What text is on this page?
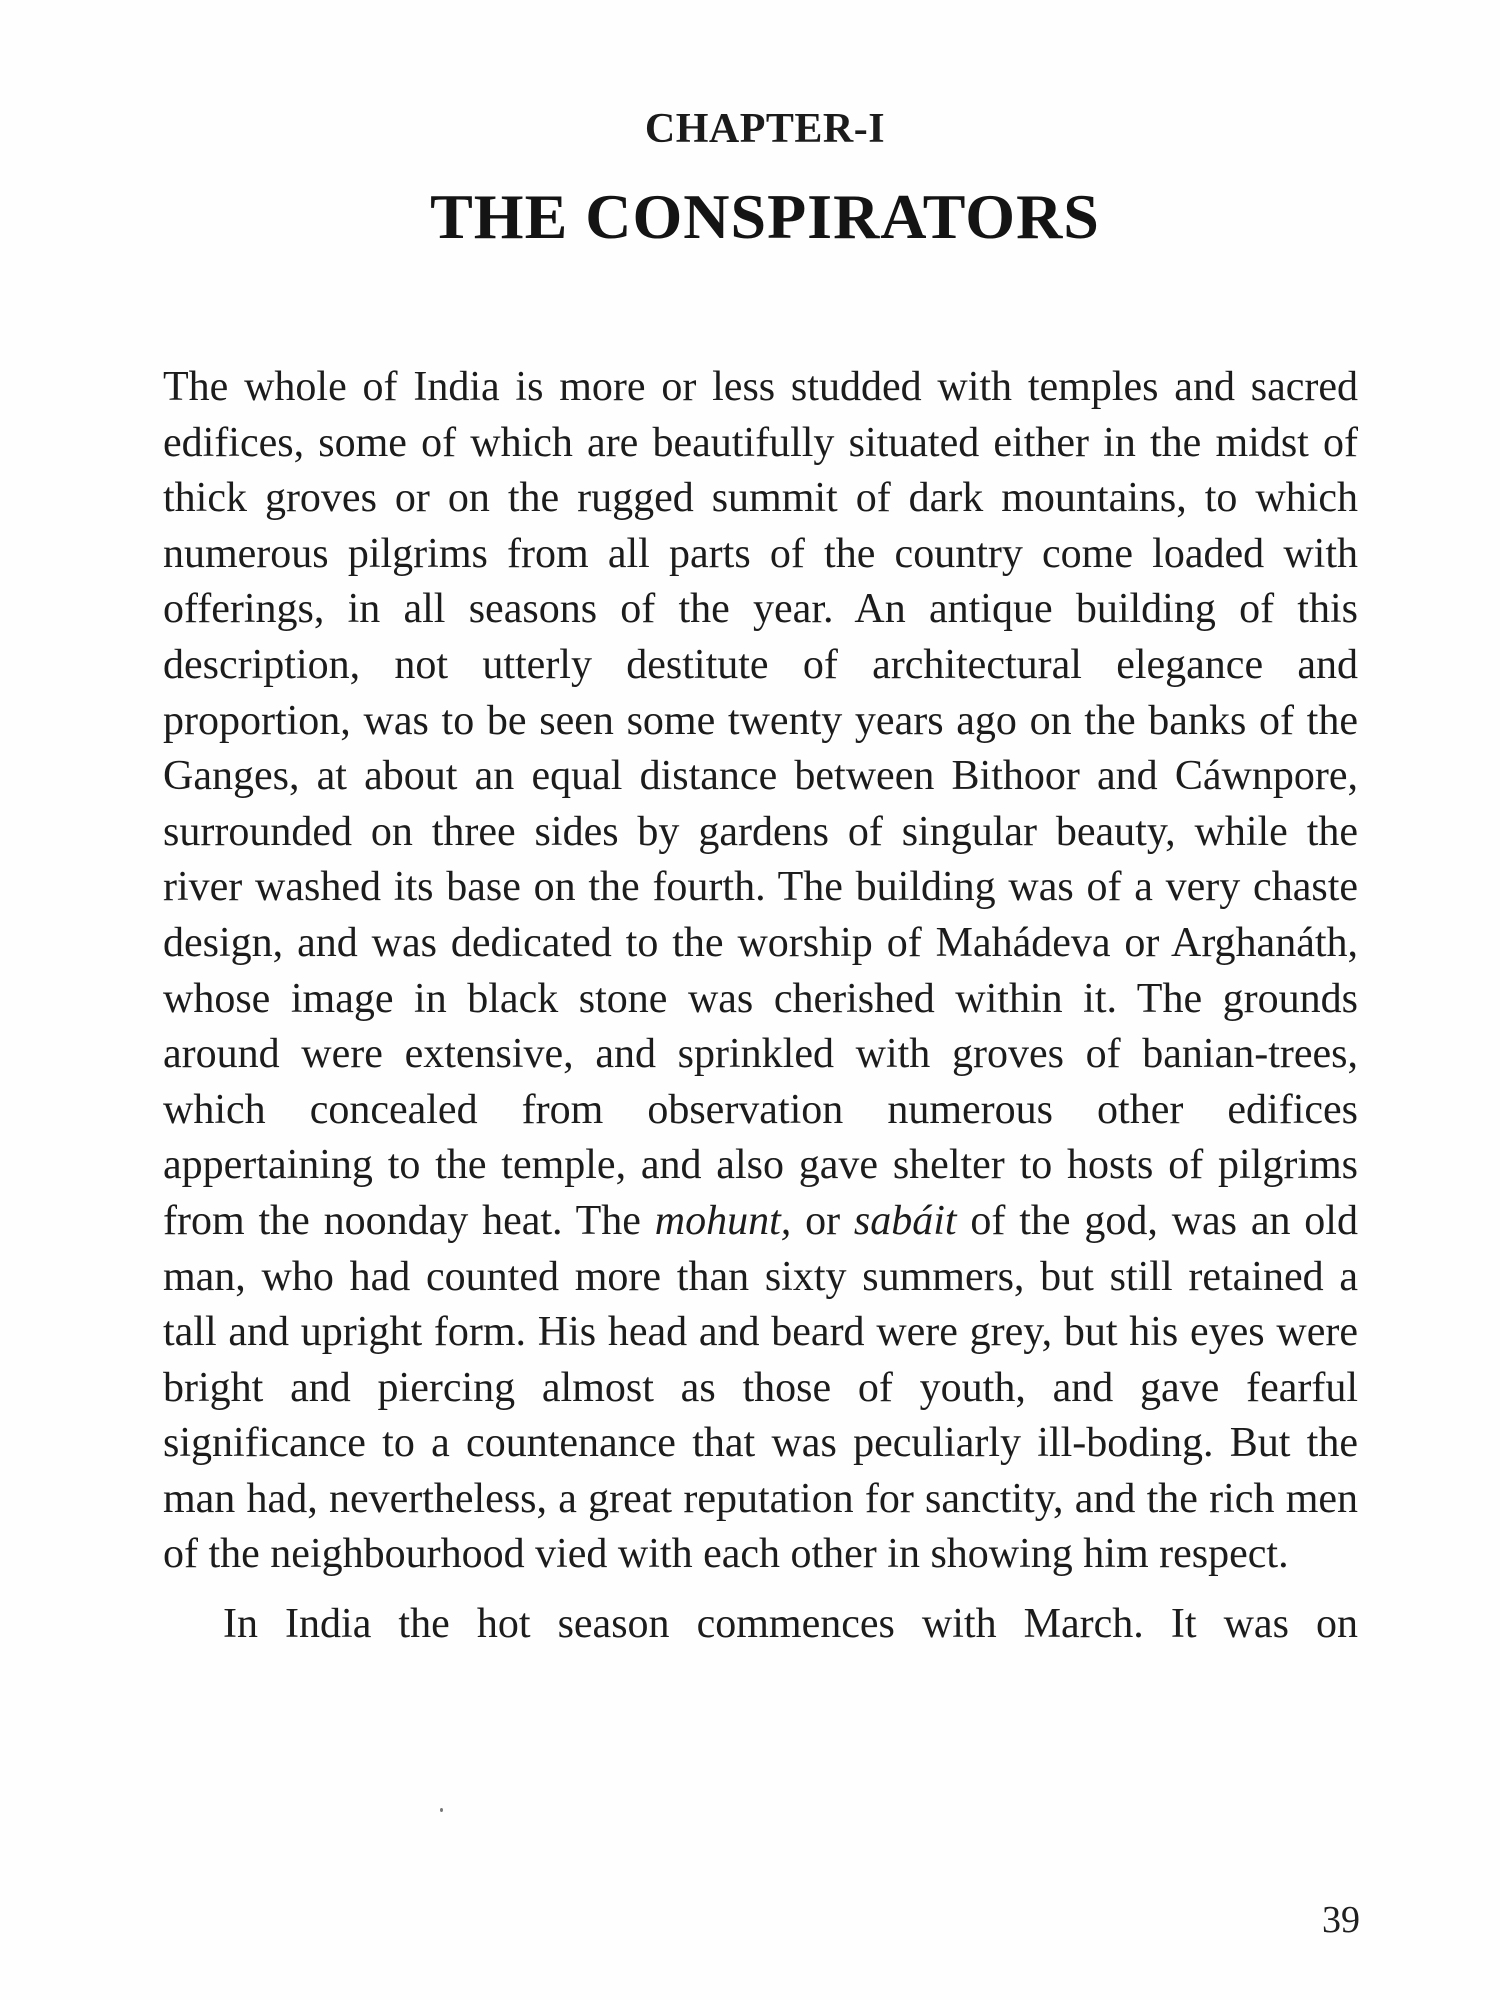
CHAPTER-I
THE CONSPIRATORS

The whole of India is more or less studded with temples and sacred edifices, some of which are beautifully situated either in the midst of thick groves or on the rugged summit of dark mountains, to which numerous pilgrims from all parts of the country come loaded with offerings, in all seasons of the year. An antique building of this description, not utterly destitute of architectural elegance and proportion, was to be seen some twenty years ago on the banks of the Ganges, at about an equal distance between Bithoor and Cáwnpore, surrounded on three sides by gardens of singular beauty, while the river washed its base on the fourth. The building was of a very chaste design, and was dedicated to the worship of Mahádeva or Arghanáth, whose image in black stone was cherished within it. The grounds around were extensive, and sprinkled with groves of banian-trees, which concealed from observation numerous other edifices appertaining to the temple, and also gave shelter to hosts of pilgrims from the noonday heat. The mohunt, or sabáit of the god, was an old man, who had counted more than sixty summers, but still retained a tall and upright form. His head and beard were grey, but his eyes were bright and piercing almost as those of youth, and gave fearful significance to a countenance that was peculiarly ill-boding. But the man had, nevertheless, a great reputation for sanctity, and the rich men of the neighbourhood vied with each other in showing him respect.

In India the hot season commences with March. It was on

39
